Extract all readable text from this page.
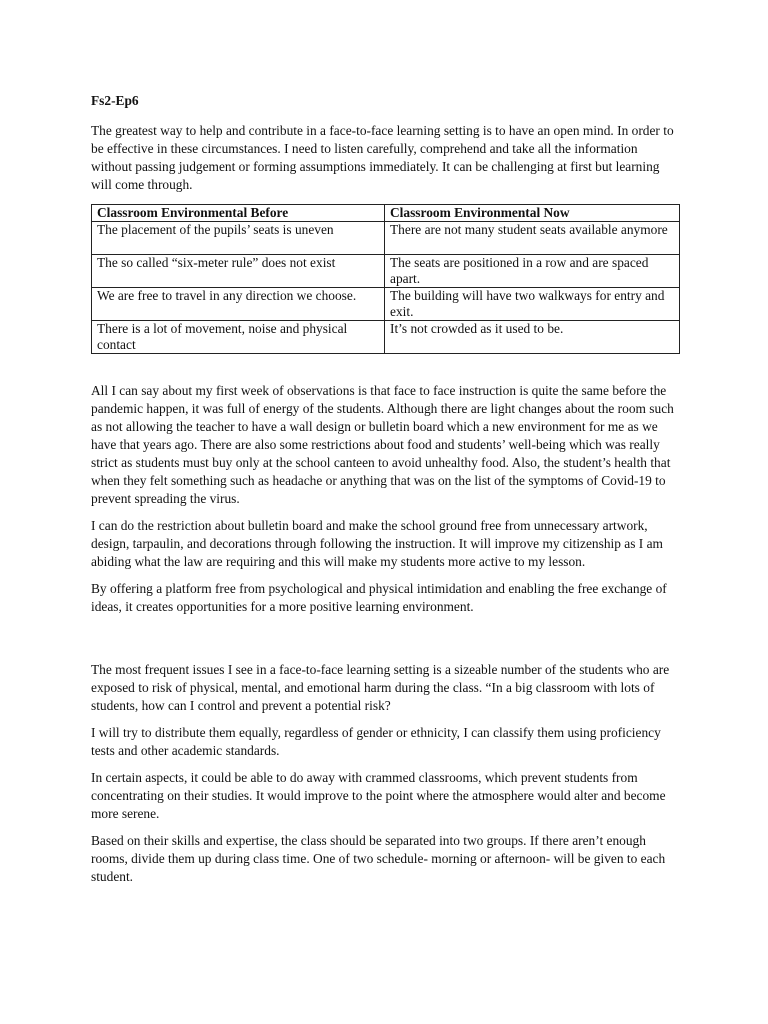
Fs2-Ep6

The greatest way to help and contribute in a face-to-face learning setting is to have an open mind. In order to be effective in these circumstances. I need to listen carefully, comprehend and take all the information without passing judgement or forming assumptions immediately. It can be challenging at first but learning will come through.

Classroom Environmental Before	Classroom Environmental Now
The placement of the pupils’ seats is uneven	There are not many student seats available anymore
The so called “six-meter rule” does not exist	The seats are positioned in a row and are spaced apart.
We are free to travel in any direction we choose.	The building will have two walkways for entry and exit.
There is a lot of movement, noise and physical contact	It’s not crowded as it used to be.

All I can say about my first week of observations is that face to face instruction is quite the same before the pandemic happen, it was full of energy of the students. Although there are light changes about the room such as not allowing the teacher to have a wall design or bulletin board which a new environment for me as we have that years ago. There are also some restrictions about food and students’ well-being which was really strict as students must buy only at the school canteen to avoid unhealthy food. Also, the student’s health that when they felt something such as headache or anything that was on the list of the symptoms of Covid-19 to prevent spreading the virus.

I can do the restriction about bulletin board and make the school ground free from unnecessary artwork, design, tarpaulin, and decorations through following the instruction. It will improve my citizenship as I am abiding what the law are requiring and this will make my students more active to my lesson.

By offering a platform free from psychological and physical intimidation and enabling the free exchange of ideas, it creates opportunities for a more positive learning environment.

The most frequent issues I see in a face-to-face learning setting is a sizeable number of the students who are exposed to risk of physical, mental, and emotional harm during the class. “In a big classroom with lots of students, how can I control and prevent a potential risk?

I will try to distribute them equally, regardless of gender or ethnicity, I can classify them using proficiency tests and other academic standards.

In certain aspects, it could be able to do away with crammed classrooms, which prevent students from concentrating on their studies. It would improve to the point where the atmosphere would alter and become more serene.

Based on their skills and expertise, the class should be separated into two groups. If there aren’t enough rooms, divide them up during class time. One of two schedule- morning or afternoon- will be given to each student.
